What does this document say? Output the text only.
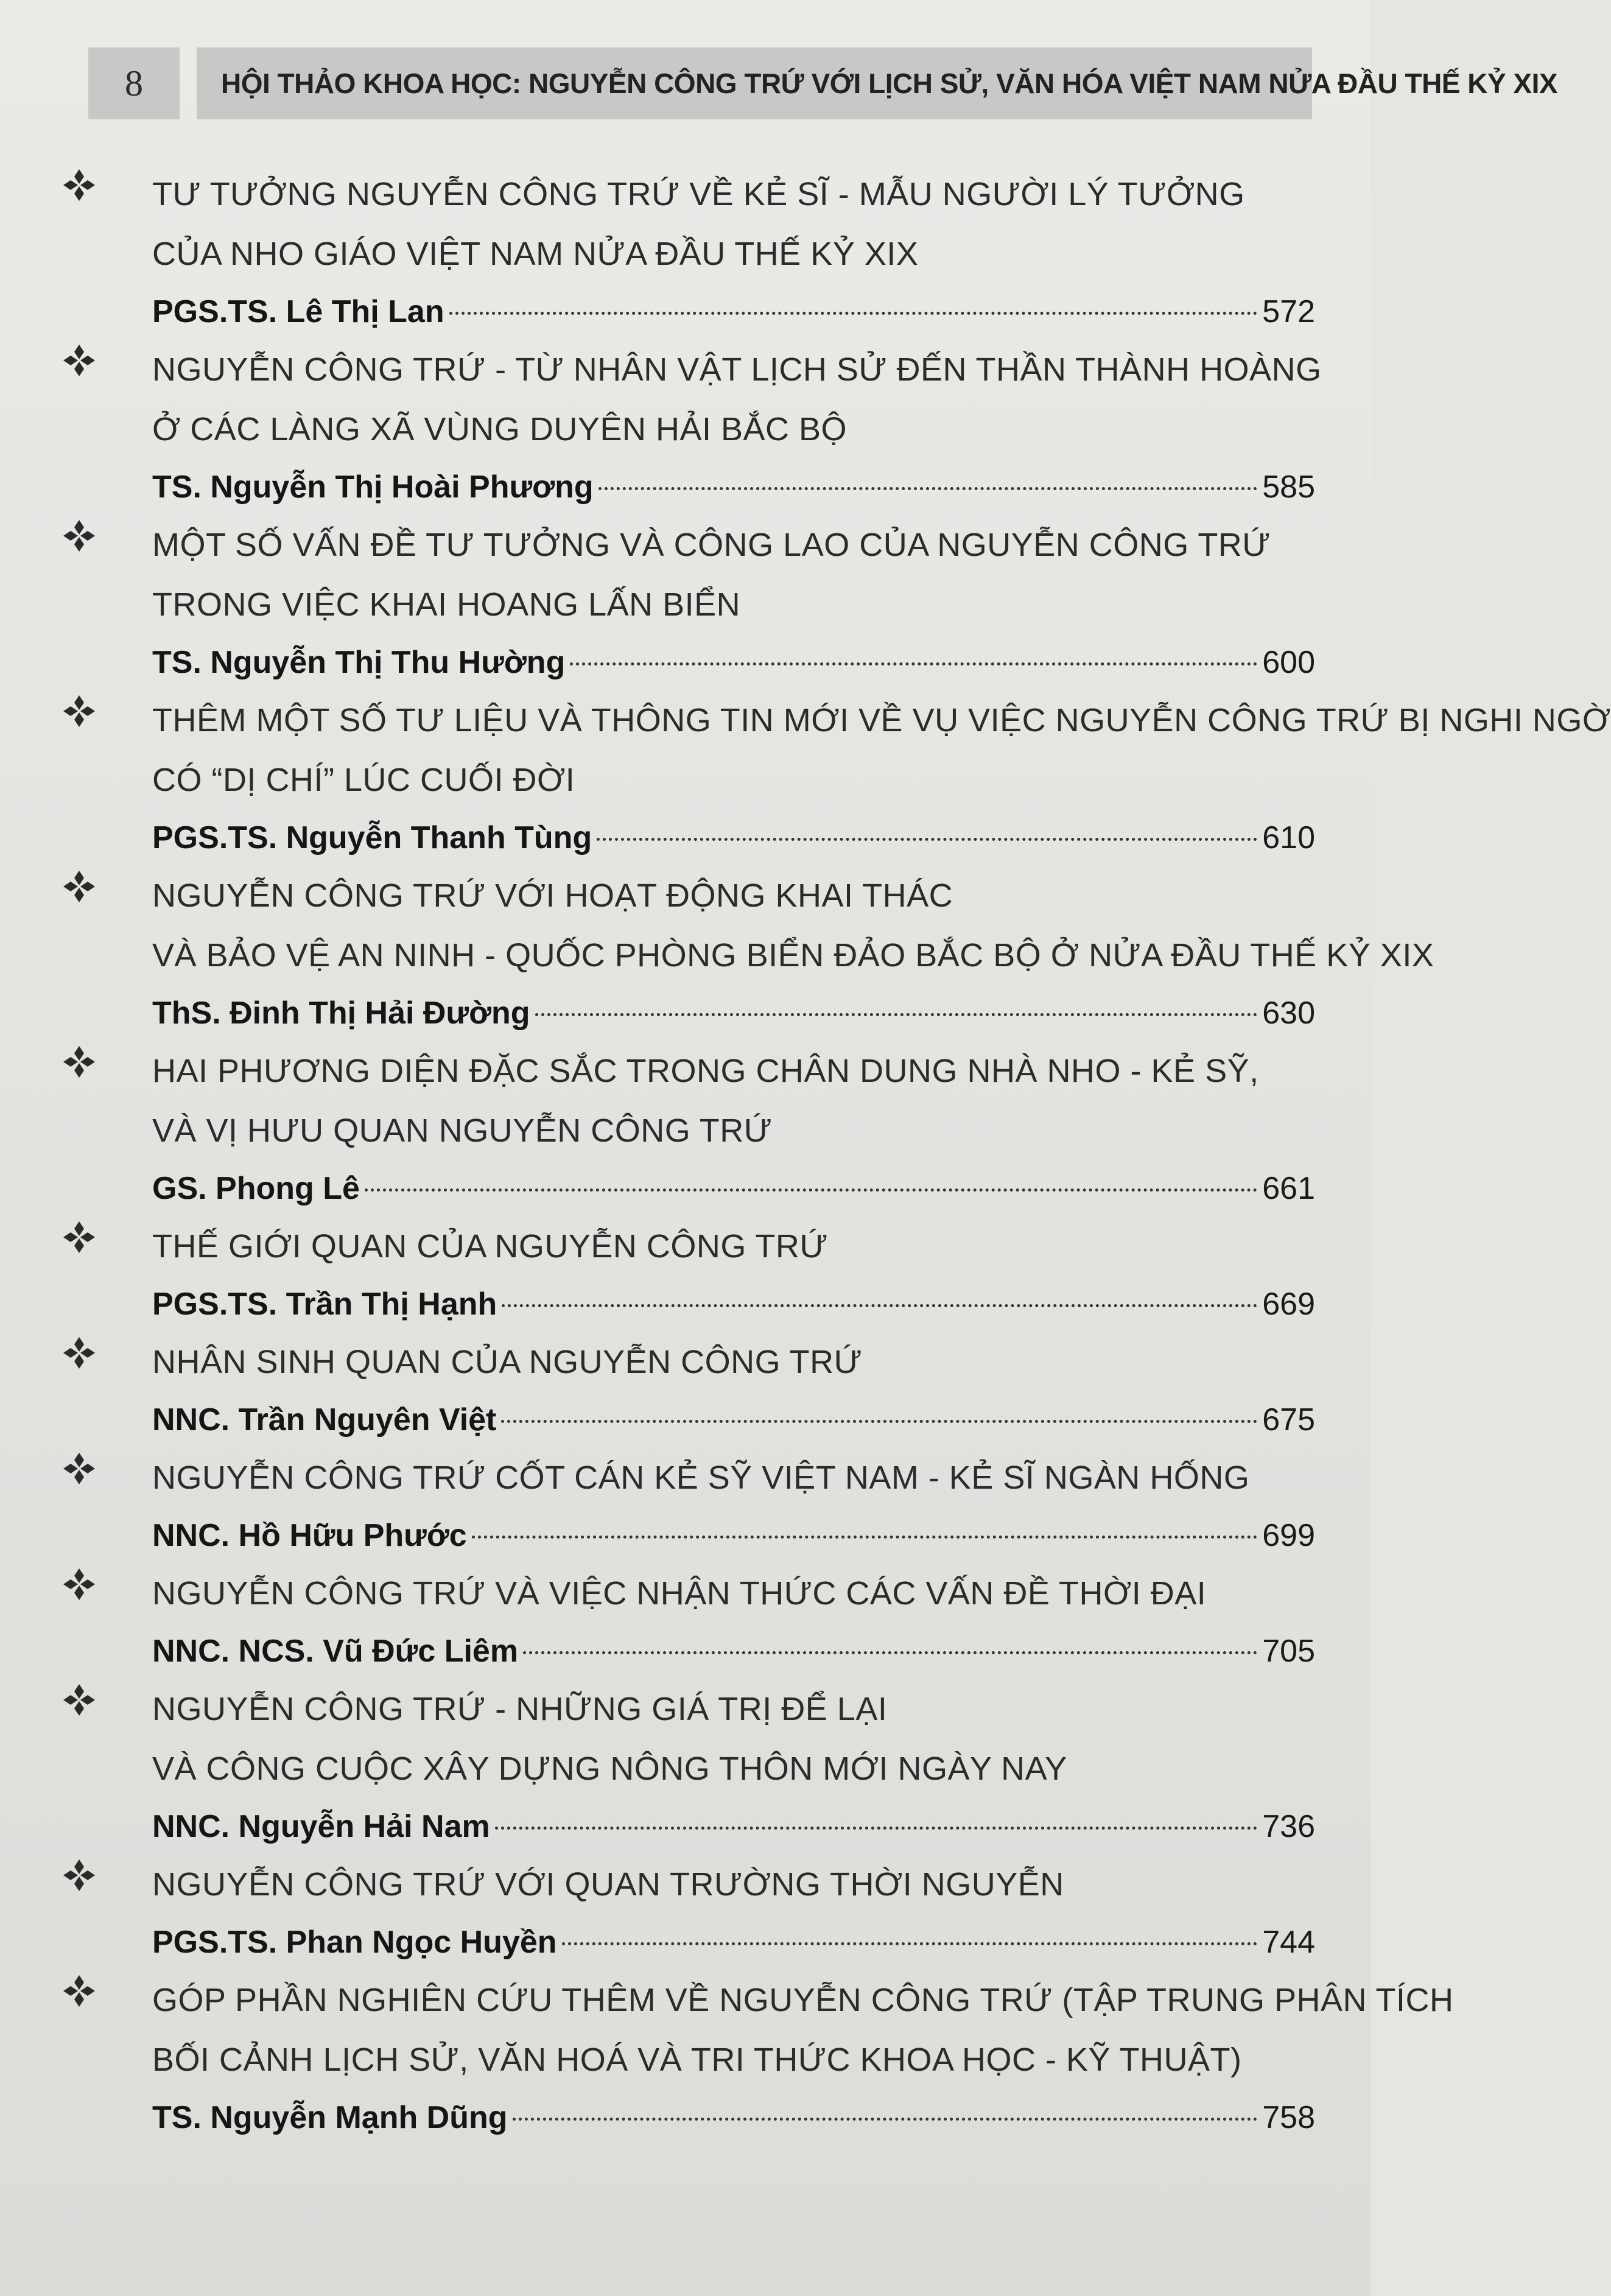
8	HỘI THẢO KHOA HỌC: NGUYỄN CÔNG TRỨ VỚI LỊCH SỬ, VĂN HÓA VIỆT NAM NỬA ĐẦU THẾ KỶ XIX
TƯ TƯỞNG NGUYỄN CÔNG TRỨ VỀ KẺ SĨ - MẪU NGƯỜI LÝ TƯỞNG
CỦA NHO GIÁO VIỆT NAM NỬA ĐẦU THẾ KỶ XIX
PGS.TS. Lê Thị Lan	572
NGUYỄN CÔNG TRỨ - TỪ NHÂN VẬT LỊCH SỬ ĐẾN THẦN THÀNH HOÀNG
Ở CÁC LÀNG XÃ VÙNG DUYÊN HẢI BẮC BỘ
TS. Nguyễn Thị Hoài Phương	585
MỘT SỐ VẤN ĐỀ TƯ TƯỞNG VÀ CÔNG LAO CỦA NGUYỄN CÔNG TRỨ
TRONG VIỆC KHAI HOANG LẤN BIỂN
TS. Nguyễn Thị Thu Hường	600
THÊM MỘT SỐ TƯ LIỆU VÀ THÔNG TIN MỚI VỀ VỤ VIỆC NGUYỄN CÔNG TRỨ BỊ NGHI NGỜ
CÓ “DỊ CHÍ” LÚC CUỐI ĐỜI
PGS.TS. Nguyễn Thanh Tùng	610
NGUYỄN CÔNG TRỨ VỚI HOẠT ĐỘNG KHAI THÁC
VÀ BẢO VỆ AN NINH - QUỐC PHÒNG BIỂN ĐẢO BẮC BỘ Ở NỬA ĐẦU THẾ KỶ XIX
ThS. Đinh Thị Hải Đường	630
HAI PHƯƠNG DIỆN ĐẶC SẮC TRONG CHÂN DUNG NHÀ NHO - KẺ SỸ,
VÀ VỊ HƯU QUAN NGUYỄN CÔNG TRỨ
GS. Phong Lê	661
THẾ GIỚI QUAN CỦA NGUYỄN CÔNG TRỨ
PGS.TS. Trần Thị Hạnh	669
NHÂN SINH QUAN CỦA NGUYỄN CÔNG TRỨ
NNC. Trần Nguyên Việt	675
NGUYỄN CÔNG TRỨ CỐT CÁN KẺ SỸ VIỆT NAM - KẺ SĨ NGÀN HỐNG
NNC. Hồ Hữu Phước	699
NGUYỄN CÔNG TRỨ VÀ VIỆC NHẬN THỨC CÁC VẤN ĐỀ THỜI ĐẠI
NNC. NCS. Vũ Đức Liêm	705
NGUYỄN CÔNG TRỨ - NHỮNG GIÁ TRỊ ĐỂ LẠI
VÀ CÔNG CUỘC XÂY DỰNG NÔNG THÔN MỚI NGÀY NAY
NNC. Nguyễn Hải Nam	736
NGUYỄN CÔNG TRỨ VỚI QUAN TRƯỜNG THỜI NGUYỄN
PGS.TS. Phan Ngọc Huyền	744
GÓP PHẦN NGHIÊN CỨU THÊM VỀ NGUYỄN CÔNG TRỨ (TẬP TRUNG PHÂN TÍCH
BỐI CẢNH LỊCH SỬ, VĂN HOÁ VÀ TRI THỨC KHOA HỌC - KỸ THUẬT)
TS. Nguyễn Mạnh Dũng	758
